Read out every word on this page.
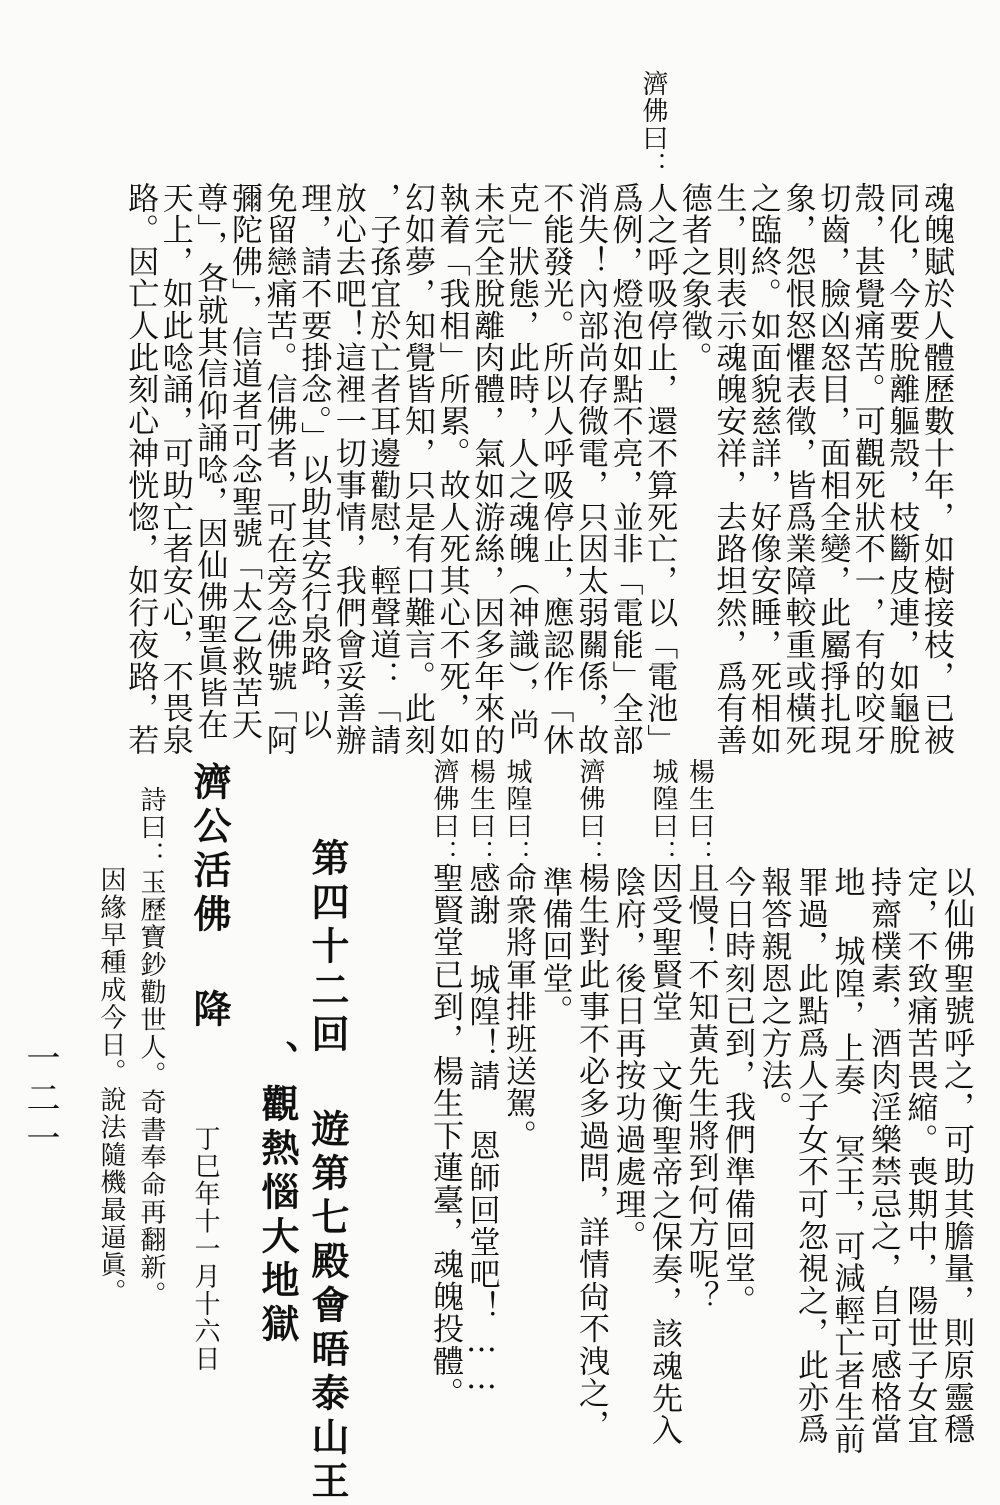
濟佛曰：
魂魄賦於人體歷數十年，如樹接枝，已被
同化，今要脫離軀殼，枝斷皮連，如龜脫
殼，甚覺痛苦。可觀死狀不一，有的咬牙
切齒，臉凶怒目，面相全變，此屬掙扎現
象，怨恨怒懼表徵，皆爲業障較重或橫死
之臨終。如面貌慈詳，好像安睡，死相如
生，則表示魂魄安祥，去路坦然，爲有善
德者之象徵。
人之呼吸停止，還不算死亡，以「電池」
爲例，燈泡如點不亮，並非「電能」全部
消失！內部尚存微電，只因太弱關係，故
不能發光。所以人呼吸停止，應認作「休
克」狀態，此時，人之魂魄（神識），尚
未完全脫離肉體，氣如游絲，因多年來的
執着「我相」所累。故人死其心不死，如
幻如夢，知覺皆知，只是有口難言。此刻
，子孫宜於亡者耳邊勸慰，輕聲道：「請
放心去吧！這裡一切事情，我們會妥善辦
理，請不要掛念。」以助其安行泉路，以
免留戀痛苦。信佛者，可在旁念佛號「阿
彌陀佛」，信道者可念聖號「太乙救苦天
尊」，各就其信仰誦唸，因仙佛聖眞皆在
天上，如此唸誦，可助亡者安心，不畏泉
路。因亡人此刻心神恍惚，如行夜路，若
以仙佛聖號呼之，可助其膽量，則原靈穩
定，不致痛苦畏縮。喪期中，陽世子女宜
持齋樸素，酒肉淫樂禁忌之，自可感格當
地 城隍，上奏 冥王，可減輕亡者生前
罪過，此點爲人子女不可忽視之，此亦爲
報答親恩之方法。
今日時刻已到，我們準備回堂。
楊生曰：
且慢！不知黃先生將到何方呢？
城隍曰：
因受聖賢堂 文衡聖帝之保奏，該魂先入
陰府，後日再按功過處理。
濟佛曰：
楊生對此事不必多過問，詳情尙不洩之，
準備回堂。
城隍曰：
命衆將軍排班送駕。
楊生曰：
感謝 城隍！請 恩師回堂吧！……
濟佛曰：
聖賢堂已到，楊生下蓮臺，魂魄投體。
第四十二回 遊第七殿會晤泰山王
、觀熱惱大地獄
丁巳年十一月十六日
濟公活佛 降
詩曰：玉歷寶鈔勸世人。奇書奉命再翻新。
因緣早種成今日。說法隨機最逼眞。
一二一
